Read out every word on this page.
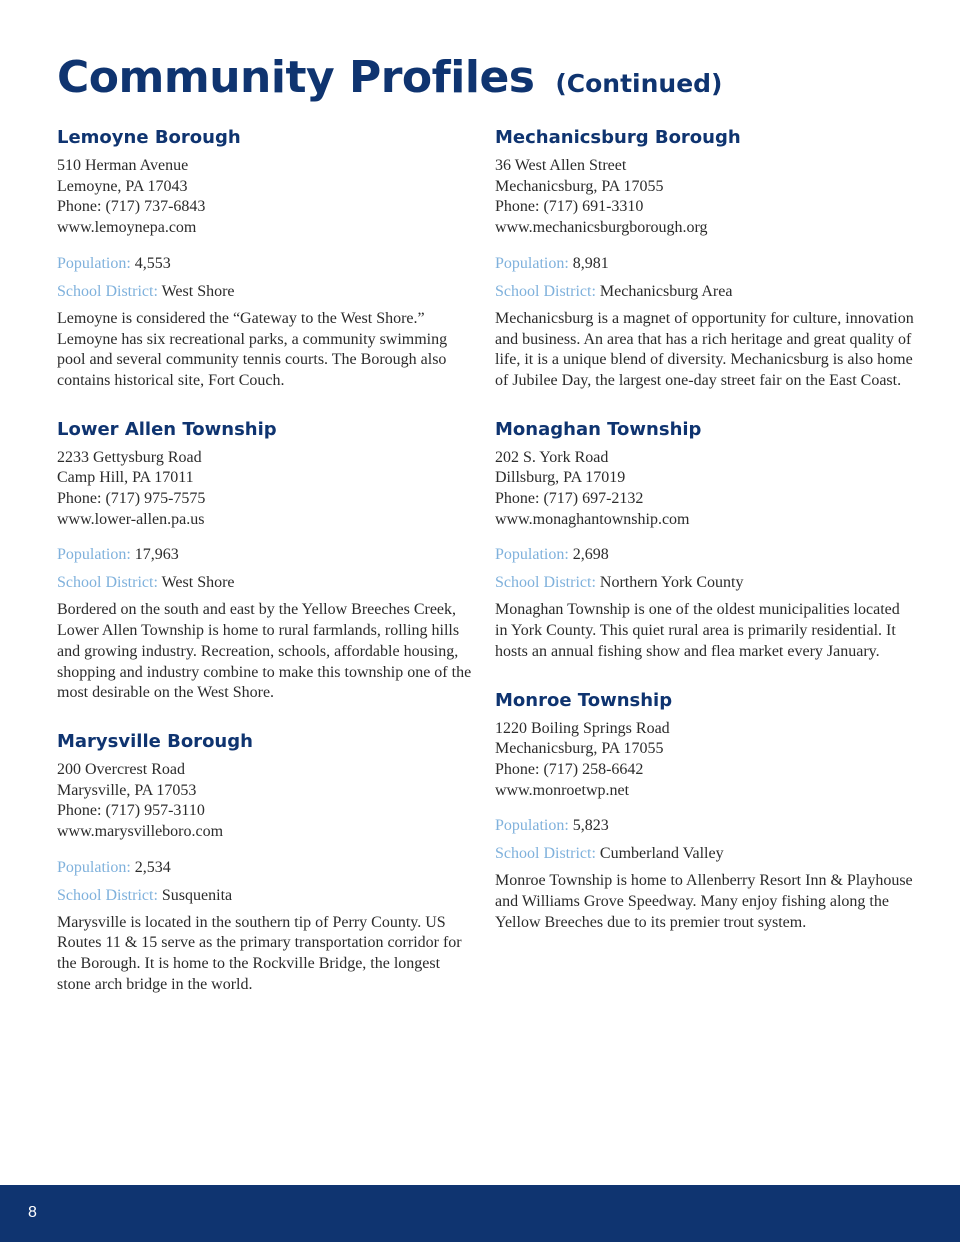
Community Profiles (Continued)
Lemoyne Borough
510 Herman Avenue
Lemoyne, PA 17043
Phone: (717) 737-6843
www.lemoynepa.com
Population: 4,553
School District: West Shore

Lemoyne is considered the “Gateway to the West Shore.” Lemoyne has six recreational parks, a community swimming pool and several community tennis courts. The Borough also contains historical site, Fort Couch.

Lower Allen Township
2233 Gettysburg Road
Camp Hill, PA 17011
Phone: (717) 975-7575
www.lower-allen.pa.us
Population: 17,963
School District: West Shore

Bordered on the south and east by the Yellow Breeches Creek, Lower Allen Township is home to rural farmlands, rolling hills and growing industry. Recreation, schools, affordable housing, shopping and industry combine to make this township one of the most desirable on the West Shore.

Marysville Borough
200 Overcrest Road
Marysville, PA 17053
Phone: (717) 957-3110
www.marysvilleboro.com
Population: 2,534
School District: Susquenita

Marysville is located in the southern tip of Perry County. US Routes 11 & 15 serve as the primary transportation corridor for the Borough. It is home to the Rockville Bridge, the longest stone arch bridge in the world.

Mechanicsburg Borough
36 West Allen Street
Mechanicsburg, PA 17055
Phone: (717) 691-3310
www.mechanicsburgborough.org
Population: 8,981
School District: Mechanicsburg Area

Mechanicsburg is a magnet of opportunity for culture, innovation and business. An area that has a rich heritage and great quality of life, it is a unique blend of diversity. Mechanicsburg is also home of Jubilee Day, the largest one-day street fair on the East Coast.

Monaghan Township
202 S. York Road
Dillsburg, PA 17019
Phone: (717) 697-2132
www.monaghantownship.com
Population: 2,698
School District: Northern York County

Monaghan Township is one of the oldest municipalities located in York County. This quiet rural area is primarily residential. It hosts an annual fishing show and flea market every January.

Monroe Township
1220 Boiling Springs Road
Mechanicsburg, PA 17055
Phone: (717) 258-6642
www.monroetwp.net
Population: 5,823
School District: Cumberland Valley

Monroe Township is home to Allenberry Resort Inn & Playhouse and Williams Grove Speedway. Many enjoy fishing along the Yellow Breeches due to its premier trout system.

8
